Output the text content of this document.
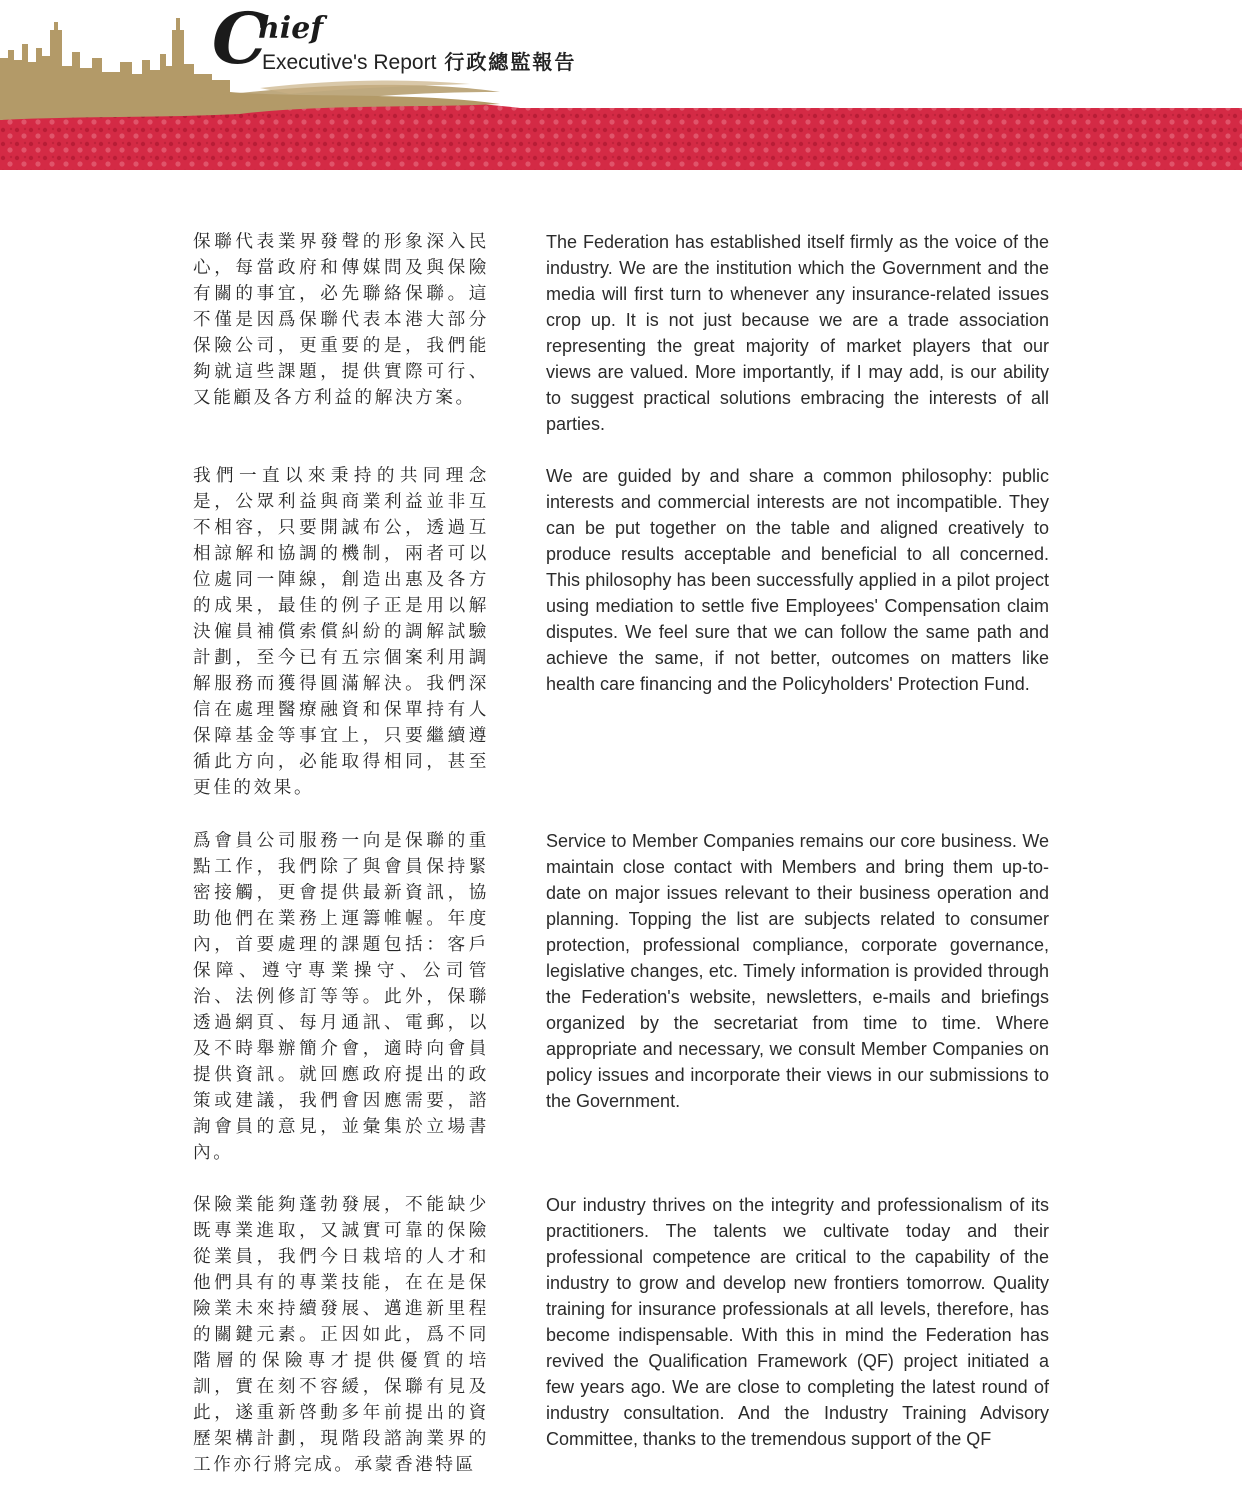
C
hief
Executive's Report 行政總監報告
保聯代表業界發聲的形象深入民心，每當政府和傳媒問及與保險有關的事宜，必先聯絡保聯。這不僅是因爲保聯代表本港大部分保險公司，更重要的是，我們能夠就這些課題，提供實際可行、又能顧及各方利益的解決方案。
The Federation has established itself firmly as the voice of the industry. We are the institution which the Government and the media will first turn to whenever any insurance-related issues crop up. It is not just because we are a trade association representing the great majority of market players that our views are valued. More importantly, if I may add, is our ability to suggest practical solutions embracing the interests of all parties.
我們一直以來秉持的共同理念是，公眾利益與商業利益並非互不相容，只要開誠布公，透過互相諒解和協調的機制，兩者可以位處同一陣線，創造出惠及各方的成果，最佳的例子正是用以解決僱員補償索償糾紛的調解試驗計劃，至今已有五宗個案利用調解服務而獲得圓滿解決。我們深信在處理醫療融資和保單持有人保障基金等事宜上，只要繼續遵循此方向，必能取得相同，甚至更佳的效果。
We are guided by and share a common philosophy: public interests and commercial interests are not incompatible. They can be put together on the table and aligned creatively to produce results acceptable and beneficial to all concerned. This philosophy has been successfully applied in a pilot project using mediation to settle five Employees' Compensation claim disputes. We feel sure that we can follow the same path and achieve the same, if not better, outcomes on matters like health care financing and the Policyholders' Protection Fund.
爲會員公司服務一向是保聯的重點工作，我們除了與會員保持緊密接觸，更會提供最新資訊，協助他們在業務上運籌帷幄。年度內，首要處理的課題包括：客戶保障、遵守專業操守、公司管治、法例修訂等等。此外，保聯透過網頁、每月通訊、電郵，以及不時舉辦簡介會，適時向會員提供資訊。就回應政府提出的政策或建議，我們會因應需要，諮詢會員的意見，並彙集於立場書內。
Service to Member Companies remains our core business. We maintain close contact with Members and bring them up-to-date on major issues relevant to their business operation and planning. Topping the list are subjects related to consumer protection, professional compliance, corporate governance, legislative changes, etc. Timely information is provided through the Federation's website, newsletters, e-mails and briefings organized by the secretariat from time to time. Where appropriate and necessary, we consult Member Companies on policy issues and incorporate their views in our submissions to the Government.
保險業能夠蓬勃發展，不能缺少既專業進取，又誠實可靠的保險從業員，我們今日栽培的人才和他們具有的專業技能，在在是保險業未來持續發展、邁進新里程的關鍵元素。正因如此，爲不同階層的保險專才提供優質的培訓，實在刻不容緩，保聯有見及此，遂重新啓動多年前提出的資歷架構計劃，現階段諮詢業界的工作亦行將完成。承蒙香港特區
Our industry thrives on the integrity and professionalism of its practitioners. The talents we cultivate today and their professional competence are critical to the capability of the industry to grow and develop new frontiers tomorrow. Quality training for insurance professionals at all levels, therefore, has become indispensable. With this in mind the Federation has revived the Qualification Framework (QF) project initiated a few years ago. We are close to completing the latest round of industry consultation. And the Industry Training Advisory Committee, thanks to the tremendous support of the QF
